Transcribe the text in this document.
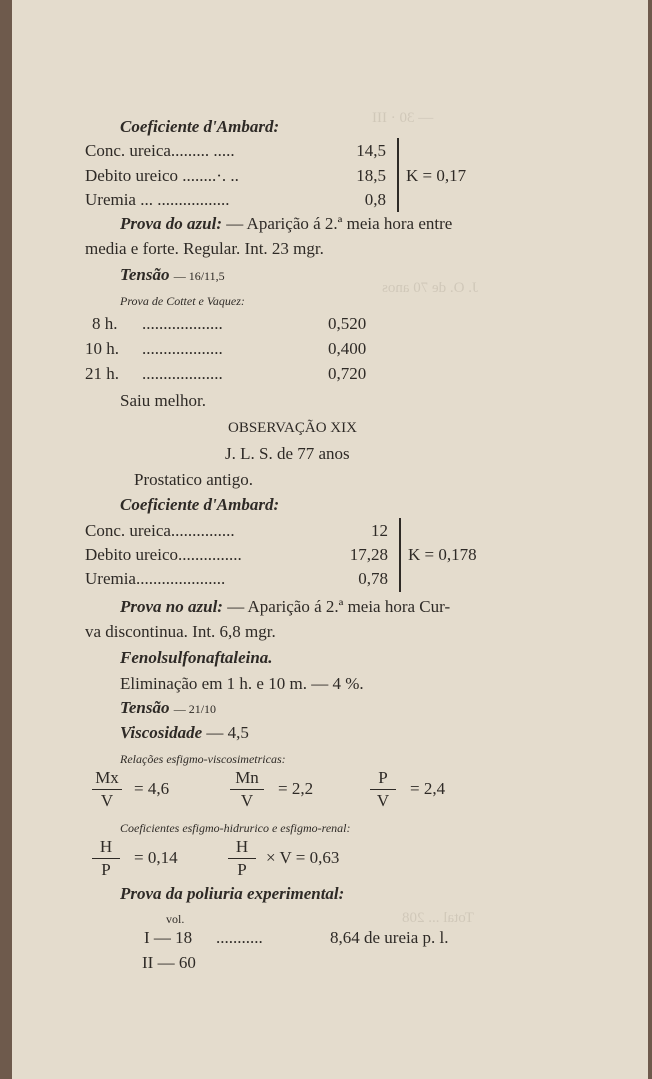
— 30 · III
J. O. de 70 anos
Total ... 208
Coeficiente d'Ambard:
Conc. ureica......... .....	14,5
Debito ureico ........·. ..	18,5
Uremia ... .................	0,8
K = 0,17
Prova do azul: — Aparição á 2.ª meia hora entre
media e forte. Regular. Int. 23 mgr.
Tensão — 16/11,5
Prova de Cottet e Vaquez:
8 h. ...................	0,520
10 h. ...................	0,400
21 h. ...................	0,720
Saiu melhor.
OBSERVAÇÃO XIX
J. L. S. de 77 anos
Prostatico antigo.
Coeficiente d'Ambard:
Conc. ureica...............	12
Debito ureico...............	17,28
Uremia.....................	0,78
K = 0,178
Prova no azul: — Aparição á 2.ª meia hora Cur-
va discontinua. Int. 6,8 mgr.
Fenolsulfonaftaleina.
Eliminação em 1 h. e 10 m. — 4 %.
Tensão — 21/10
Viscosidade — 4,5
Relações esfigmo-viscosimetricas:
Mx
V
= 4,6
Mn
V
= 2,2
P
V
= 2,4
Coeficientes esfigmo-hidrurico e esfigmo-renal:
H
P
= 0,14
H
P
× V = 0,63
Prova da poliuria experimental:
vol.
I — 18 ...........	8,64 de ureia p. l.
II — 60
